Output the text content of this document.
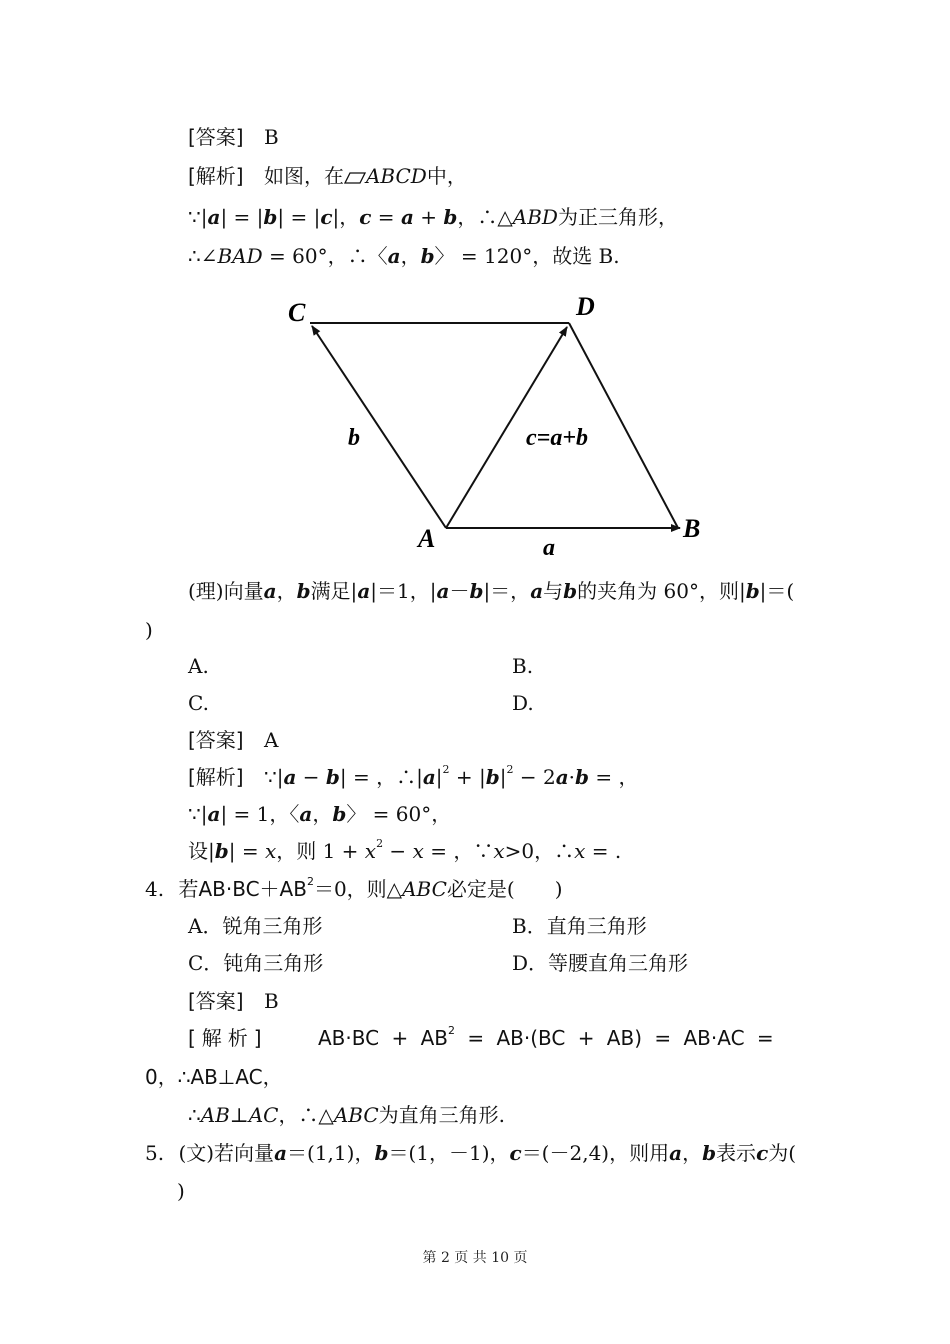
[答案] B
[解析] 如图，在 ABCD中，
∵|a| = |b| = |c|，c = a + b，∴△ABD为正三角形，
∴∠BAD = 60°，∴〈a，b〉 = 120°，故选 B.
C	D
A	B
b
a
c=a+b
(理)向量a，b满足|a|＝1，|a－b|＝，a与b的夹角为 60°，则|b|＝(
)
A.	B.
C.	D.
[答案] A
[解析] ∵|a − b| = ，$\therefore|a|^2 + |b|^2 - 2a\cdot b$ = ，
∵|a| = 1，〈a，b〉 = 60°，
设|b| = x，则 $1 + x^2 - x$ = ，∵x>0，∴x = .
4. 若$AB\cdot BC+AB^2=0$，则△ABC必定是(　　)
A．锐角三角形	B．直角三角形
C．钝角三角形	D．等腰直角三角形
[答案] B
[解析]	$AB\cdot BC + AB^2 = AB\cdot(BC + AB) = AB\cdot AC$ =
0，∴AB⊥AC，
∴AB⊥AC，∴△ABC为直角三角形.
5. (文)若向量a＝(1,1)，b＝(1，－1)，c＝(－2,4)，则用a，b表示c为(
)
第 2 页 共 10 页
